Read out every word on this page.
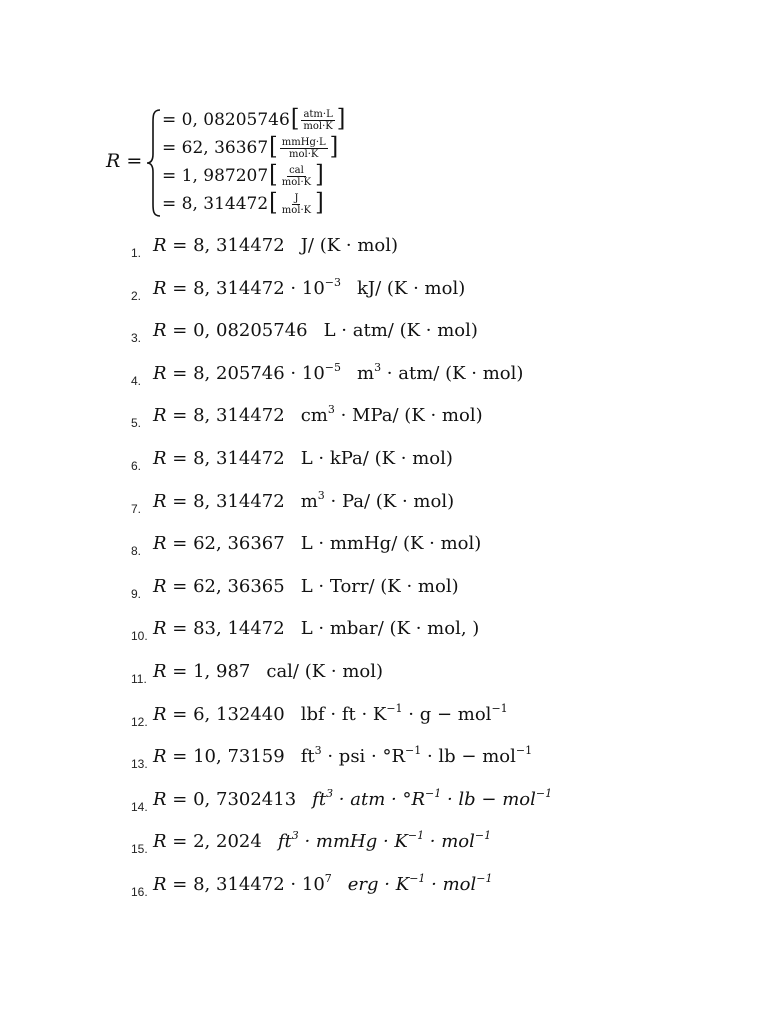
R =
= 0, 08205746 [ $\frac{\text{atm·L}}{\text{mol·K}}$ ]
= 62, 36367 [ $\frac{\text{mmHg·L}}{\text{mol·K}}$ ]
= 1, 987207 [ $\frac{\text{cal}}{\text{mol·K}}$ ]
= 8, 314472 [ $\frac{J}{\text{mol·K}}$ ]
1. R = 8, 314472 J/ (K · mol)
2. R = 8, $314472 \cdot 10^{-3}$ kJ/ (K · mol)
3. R = 0, 08205746 L · atm/ (K · mol)
4. R = 8, $205746 \cdot 10^{-5}$ $m^3 \cdot atm/$ (K · mol)
5. R = 8, 314472 $cm^3 \cdot MPa/$ (K · mol)
6. R = 8, 314472 L · kPa/ (K · mol)
7. R = 8, 314472 $m^3 \cdot Pa/$ (K · mol)
8. R = 62, 36367 L · mmHg/ (K · mol)
9. R = 62, 36365 L · Torr/ (K · mol)
10. R = 83, 14472 L · mbar/ (K · mol, )
11. R = 1, 987 cal/ (K · mol)
12. R = 6, 132440 lbf · ft · $K^{-1} \cdot g - mol^{-1}$
13. R = 10, 73159 $ft^3$ · psi · $^\circ R^{-1}$ · lb − mol$^{-1}$
14. R = 0, 7302413 $ft^3$ · atm · $^\circ R^{-1}$ · lb − mol$^{-1}$
15. R = 2, 2024 $ft^3$ · mmHg · $K^{-1} \cdot mol^{-1}$
16. R = 8, $314472 \cdot 10^7$ erg · $K^{-1} \cdot mol^{-1}$
